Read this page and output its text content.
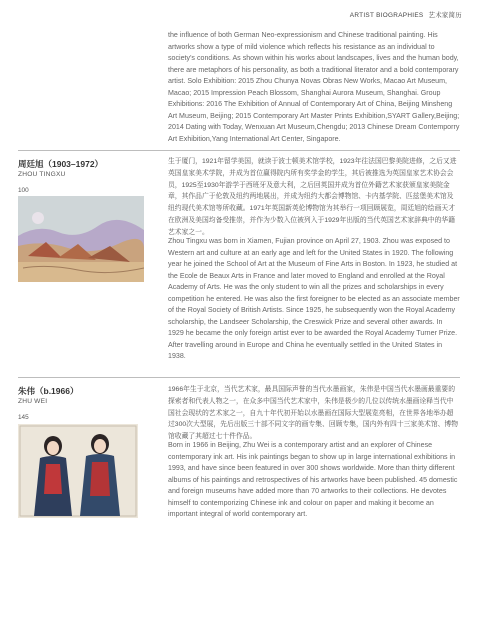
ARTIST BIOGRAPHIES 艺术家简历

the influence of both German Neo-expressionism and Chinese traditional painting. His artworks show a type of mild violence which reflects his resistance as an individual to society's conditions. As shown within his works about landscapes, lives and the human body, there are metaphors of his personality, as both a traditional literator and a bold contemporary artist. Solo Exhibition: 2015 Zhou Chunya Novas Obras New Works, Macao Art Museum, Macao; 2015 Impression Peach Blossom, Shanghai Aurora Museum, Shanghai. Group Exhibitions: 2016 The Exhibition of Annual of Contemporary Art of China, Beijing Minsheng Art Museum, Beijing; 2015 Contemporary Art Master Prints Exhibition,SYART Gallery,Beijing; 2014 Dating with Today, Wenxuan Art Museum,Chengdu; 2013 Chinese Dream Contemporry Art Exhibition,Yang International Art Center, Singapore.

周廷旭（1903–1972）
ZHOU TINGXU
100

生于厦门，1921年留学美国，就读于波士顿美术馆学校，1923年往法国巴黎美院进修，之后又进英国皇家美术学院，并成为首位赢得院内所有奖学金的学生，其后被推选为英国皇家艺术协会会员，1925至1930年游学于西班牙及意大利，之后回英国并成为首位外籍艺术家获颁皇家美院金章，其作品广于伦敦及纽约两地展出，并成为纽约大都会博物馆、卡内基学院、匹兹堡美术馆及纽约现代美术馆等所收藏。1971年英国新英伦博物馆为其举行一项回顾展览，周廷旭的绘画天才在欧洲及美国均备受推崇，并作为少数入位被列入于1929年出版的当代英国艺术家辞典中的华籍艺术家之一。

Zhou Tingxu was born in Xiamen, Fujian province on April 27, 1903. Zhou was exposed to Western art and culture at an early age and left for the United States in 1920. The following year he joined the School of Art at the Museum of Fine Arts in Boston. In 1923, he studied at the Ecole de Beaux Arts in France and later moved to England and enrolled at the Royal Academy of Arts. He was the only student to win all the prizes and scholarships in every competition he entered. He was also the first foreigner to be elected as an associate member of the Royal Society of British Artists. Since 1925, he subsequently won the Royal Academy scholarship, the Landseer Scholarship, the Creswick Prize and several other awards. In 1929 he became the only foreign artist ever to be awarded the Royal Academy Turner Prize. After travelling around in Europe and China he eventually settled in the United States in 1938.

朱伟（b.1966）
ZHU WEI
145

1966年生于北京，当代艺术家，最具国际声誉的当代水墨画家，朱伟是中国当代水墨画最重要的探索者和代表人物之一，在众多中国当代艺术家中，朱伟是极少的几位以传统水墨画诠释当代中国社会现状的艺术家之一，自九十年代初开始以水墨画在国际大型展览亮相，在世界各地举办超过300次大型展，先后出版三十部不同文字的画专集、回顾专集，国内外有四十三家美术馆、博物馆收藏了其超过七十件作品。

Born in 1966 in Beijing, Zhu Wei is a contemporary artist and an explorer of Chinese contemporary ink art. His ink paintings began to show up in large international exhibitions in 1993, and have since been featured in over 300 shows worldwide. More than thirty different albums of his paintings and retrospectives of his artworks have been published. 45 domestic and foreign museums have added more than 70 artworks to their collections. He devotes himself to contemporizing Chinese ink and colour on paper and making it become an important integral of world contemporary art.
